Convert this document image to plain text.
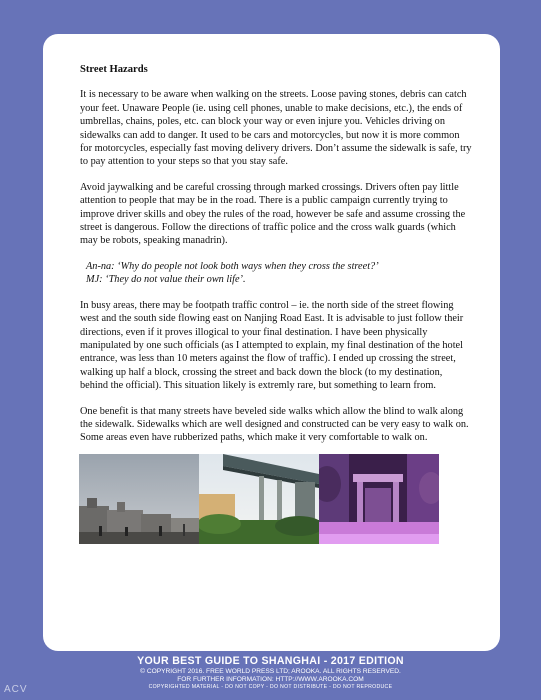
Street Hazards

It is necessary to be aware when walking on the streets. Loose paving stones, debris can catch your feet. Unaware People (ie. using cell phones, unable to make decisions, etc.), the ends of umbrellas, chains, poles, etc. can block your way or even injure you. Vehicles driving on sidewalks can add to danger. It used to be cars and motorcycles, but now it is more common for motorcycles, especially fast moving delivery drivers. Don’t assume the sidewalk is safe, try to pay attention to your steps so that you stay safe.

Avoid jaywalking and be careful crossing through marked crossings. Drivers often pay little attention to people that may be in the road. There is a public campaign currently trying to improve driver skills and obey the rules of the road, however be safe and assume crossing the street is dangerous. Follow the directions of traffic police and the cross walk guards (which may be robots, speaking manadrin).

An-na: ‘Why do people not look both ways when they cross the street?’
MJ: ‘They do not value their own life’.

In busy areas, there may be footpath traffic control – ie. the north side of the street flowing west and the south side flowing east on Nanjing Road East. It is advisable to just follow their directions, even if it proves illogical to your final destination. I have been physically manipulated by one such officials (as I attempted to explain, my final destination of the hotel entrance, was less than 10 meters against the flow of traffic). I ended up crossing the street, walking up half a block, crossing the street and back down the block (to my destination, behind the official). This situation likely is extremly rare, but something to learn from.

One benefit is that many streets have beveled side walks which allow the blind to walk along the sidewalk. Sidewalks which are well designed and constructed can be very easy to walk on. Some areas even have rubberized paths, which make it very comfortable to walk on.

YOUR BEST GUIDE TO SHANGHAI - 2017 EDITION
© COPYRIGHT 2016. FREE WORLD PRESS LTD; AROOKA. ALL RIGHTS RESERVED.
FOR FURTHER INFORMATION: HTTP://WWW.AROOKA.COM
COPYRIGHTED MATERIAL - DO NOT COPY - DO NOT DISTRIBUTE - DO NOT REPRODUCE
ACV
